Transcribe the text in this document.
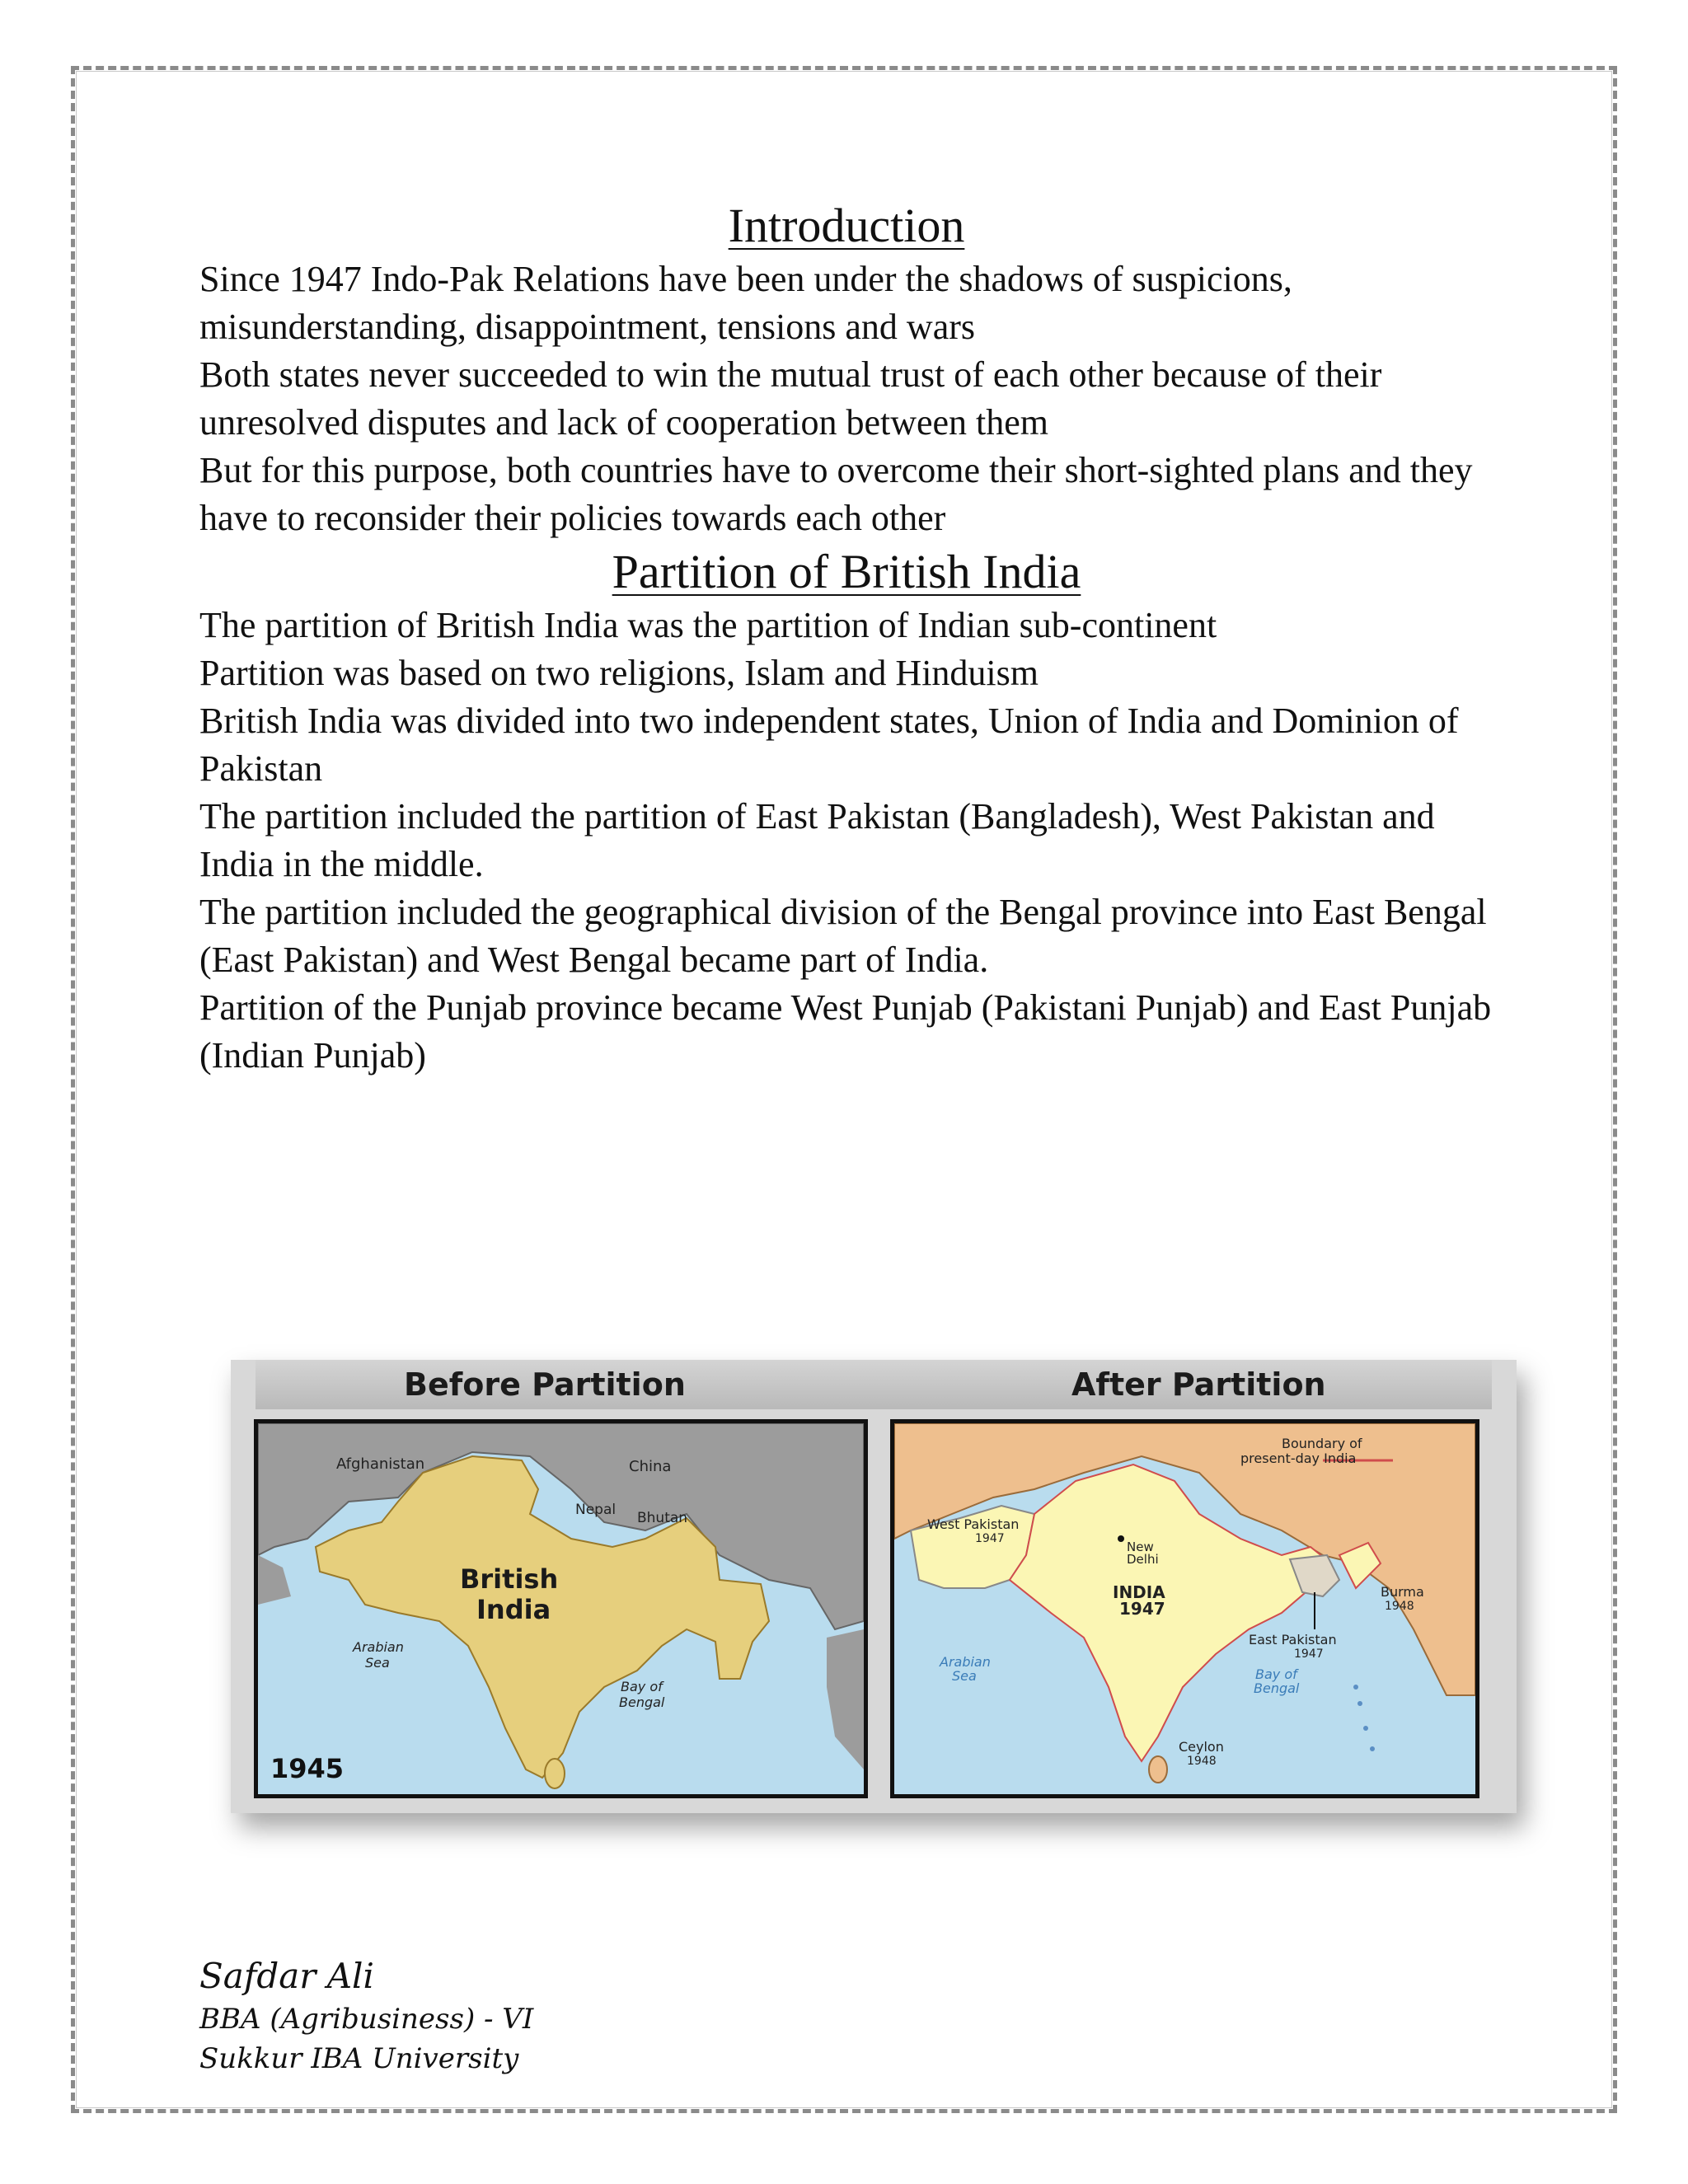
Introduction

Since 1947 Indo-Pak Relations have been under the shadows of suspicions, misunderstanding, disappointment, tensions and wars

Both states never succeeded to win the mutual trust of each other because of their unresolved disputes and lack of cooperation between them

But for this purpose, both countries have to overcome their short-sighted plans and they have to reconsider their policies towards each other

Partition of British India

The partition of British India was the partition of Indian sub-continent

Partition was based on two religions, Islam and Hinduism

British India was divided into two independent states, Union of India and Dominion of Pakistan

The partition included the partition of East Pakistan (Bangladesh), West Pakistan and India in the middle.

The partition included the geographical division of the Bengal province into East Bengal (East Pakistan) and West Bengal became part of India.

Partition of the Punjab province became West Punjab (Pakistani Punjab) and East Punjab (Indian Punjab)

Before Partition	After Partition
Afghanistan	China
Nepal Bhutan
British
India
Arabian
Sea
Bay of
Bengal
1945
Boundary of
present-day India
West Pakistan
1947
New
Delhi
INDIA
1947
Burma
1948
East Pakistan
1947
Arabian
Sea	Bay of
Bengal
Ceylon
1948
Safdar Ali
BBA (Agribusiness) - VI
Sukkur IBA University
